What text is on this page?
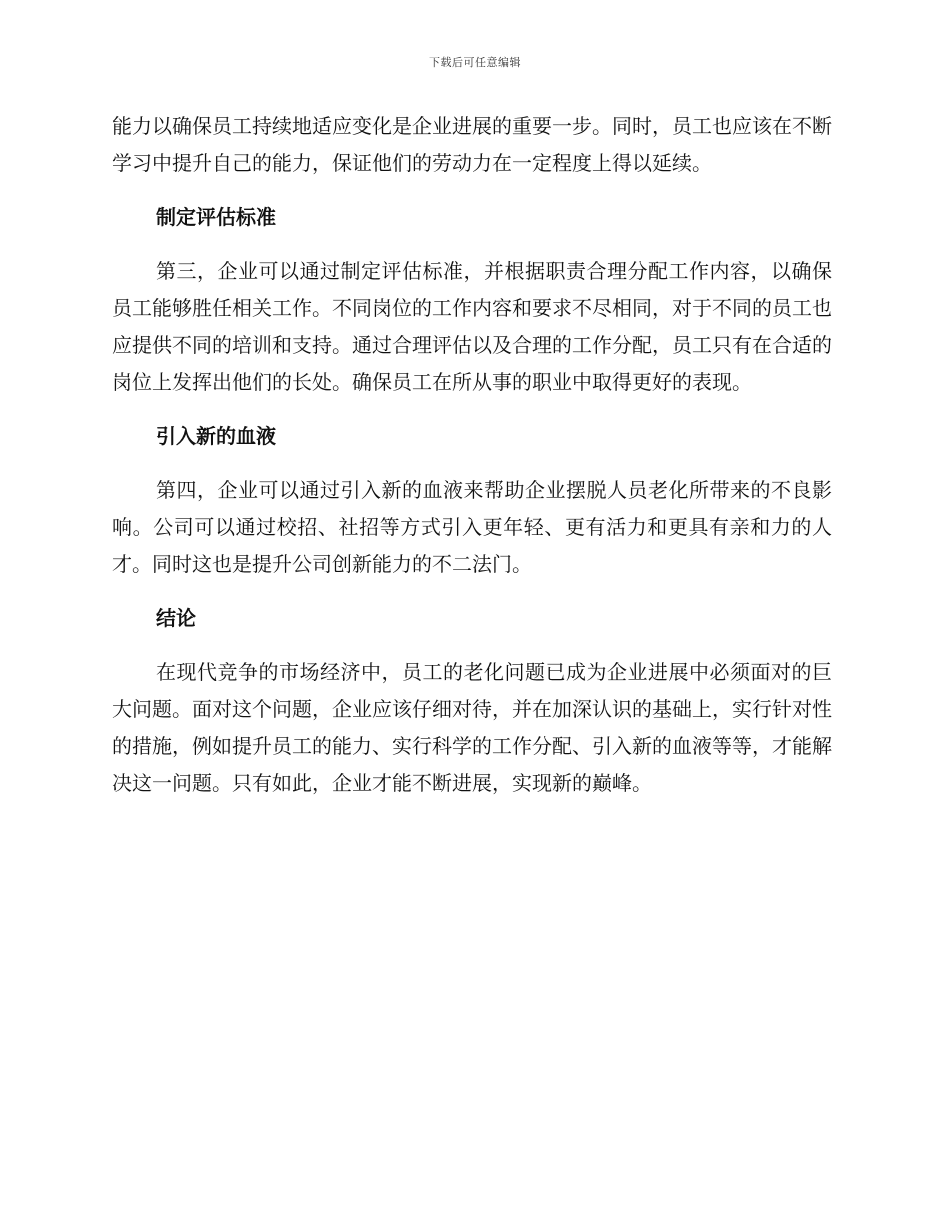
下载后可任意编辑

能力以确保员工持续地适应变化是企业进展的重要一步。同时，员工也应该在不断学习中提升自己的能力，保证他们的劳动力在一定程度上得以延续。

制定评估标准

第三，企业可以通过制定评估标准，并根据职责合理分配工作内容，以确保员工能够胜任相关工作。不同岗位的工作内容和要求不尽相同，对于不同的员工也应提供不同的培训和支持。通过合理评估以及合理的工作分配，员工只有在合适的岗位上发挥出他们的长处。确保员工在所从事的职业中取得更好的表现。

引入新的血液

第四，企业可以通过引入新的血液来帮助企业摆脱人员老化所带来的不良影响。公司可以通过校招、社招等方式引入更年轻、更有活力和更具有亲和力的人才。同时这也是提升公司创新能力的不二法门。

结论

在现代竞争的市场经济中，员工的老化问题已成为企业进展中必须面对的巨大问题。面对这个问题，企业应该仔细对待，并在加深认识的基础上，实行针对性的措施，例如提升员工的能力、实行科学的工作分配、引入新的血液等等，才能解决这一问题。只有如此，企业才能不断进展，实现新的巅峰。
